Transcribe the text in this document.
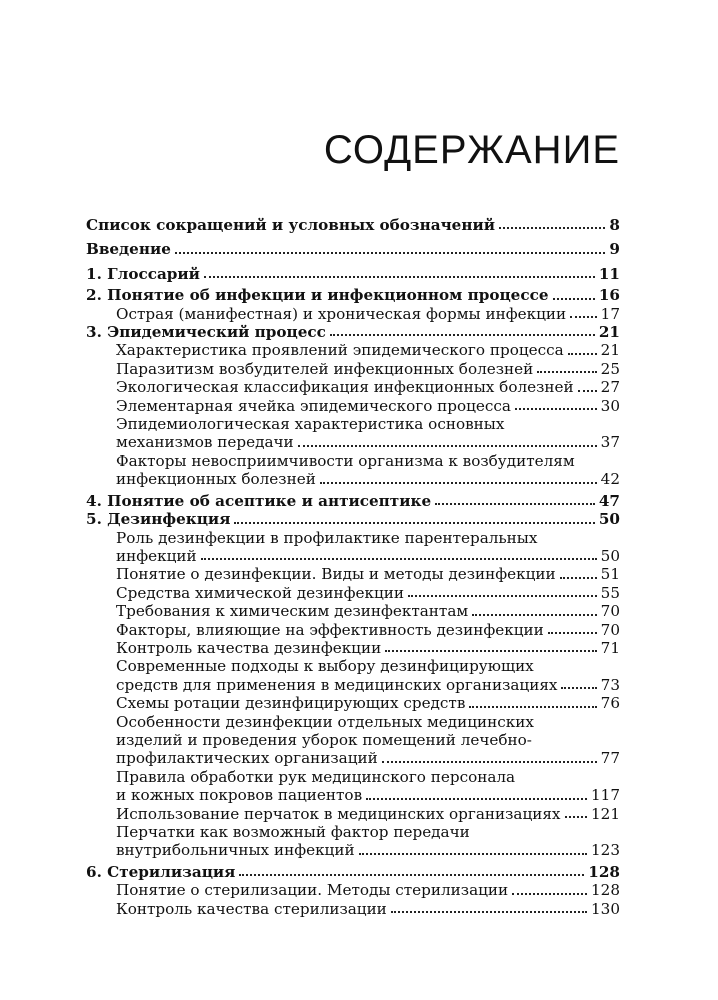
СОДЕРЖАНИЕ
Список сокращений и условных обозначений	8
Введение	9
1. Глоссарий	11
2. Понятие об инфекции и инфекционном процессе	16
Острая (манифестная) и хроническая формы инфекции 17
3. Эпидемический процесс	21
Характеристика проявлений эпидемического процесса 21
Паразитизм возбудителей инфекционных болезней	25
Экологическая классификация инфекционных болезней 27
Элементарная ячейка эпидемического процесса	30
Эпидемиологическая характеристика основных
механизмов передачи	37
Факторы невосприимчивости организма к возбудителям
инфекционных болезней	42
4. Понятие об асептике и антисептике	47
5. Дезинфекция	50
Роль дезинфекции в профилактике парентеральных
инфекций	50
Понятие о дезинфекции. Виды и методы дезинфекции	51
Средства химической дезинфекции	55
Требования к химическим дезинфектантам	70
Факторы, влияющие на эффективность дезинфекции	70
Контроль качества дезинфекции	71
Современные подходы к выбору дезинфицирующих
средств для применения в медицинских организациях	73
Схемы ротации дезинфицирующих средств	76
Особенности дезинфекции отдельных медицинских
изделий и проведения уборок помещений лечебно-
профилактических организаций	77
Правила обработки рук медицинского персонала
и кожных покровов пациентов	117
Использование перчаток в медицинских организациях 121
Перчатки как возможный фактор передачи
внутрибольничных инфекций	123
6. Стерилизация	128
Понятие о стерилизации. Методы стерилизации	128
Контроль качества стерилизации	130
